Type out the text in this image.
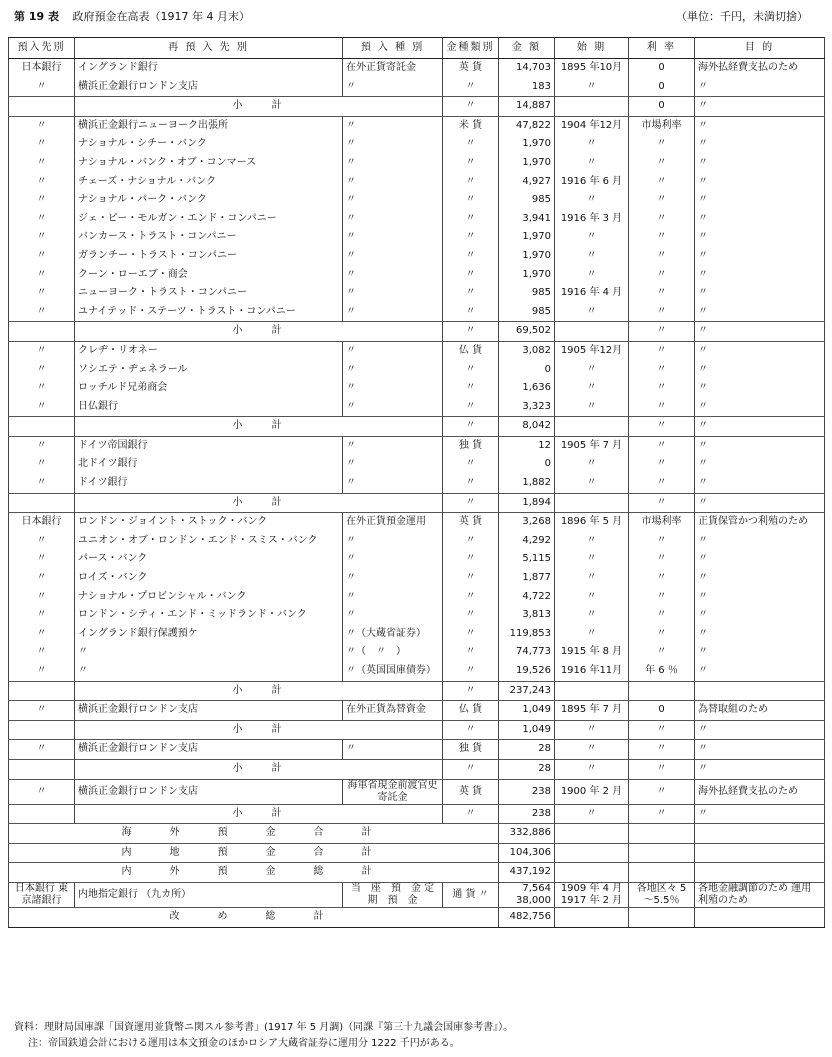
第 19 表 政府預金在高表（1917 年 4 月末）	（単位：千円，未満切捨）
預入先別	再 預 入 先 別	預 入 種 別	金種類別	金 額	始 期	利 率	目 的
日本銀行	イングランド銀行	在外正貨寄託金	英 貨	14,703	1895 年10月	0	海外払経費支払のため
〃	横浜正金銀行ロンドン支店	〃	〃	183	〃	0	〃
	小　　計		〃	14,887		0	〃
〃	横浜正金銀行ニューヨーク出張所	〃	米 貨	47,822	1904 年12月	市場利率	〃
〃	ナショナル・シチー・バンク	〃	〃	1,970	〃	〃	〃
〃	ナショナル・バンク・オブ・コンマース	〃	〃	1,970	〃	〃	〃
〃	チェーズ・ナショナル・バンク	〃	〃	4,927	1916 年 6 月	〃	〃
〃	ナショナル・パーク・バンク	〃	〃	985	〃	〃	〃
〃	ジェ・ピー・モルガン・エンド・コンパニー	〃	〃	3,941	1916 年 3 月	〃	〃
〃	バンカース・トラスト・コンパニー	〃	〃	1,970	〃	〃	〃
〃	ガランチー・トラスト・コンパニー	〃	〃	1,970	〃	〃	〃
〃	クーン・ローエブ・商会	〃	〃	1,970	〃	〃	〃
〃	ニューヨーク・トラスト・コンパニー	〃	〃	985	1916 年 4 月	〃	〃
〃	ユナイテッド・ステーツ・トラスト・コンパニー	〃	〃	985	〃	〃	〃
	小　　計		〃	69,502		〃	〃
〃	クレヂ・リオネー	〃	仏 貨	3,082	1905 年12月	〃	〃
〃	ソシエテ・ヂェネラール	〃	〃	0	〃	〃	〃
〃	ロッチルド兄弟商会	〃	〃	1,636	〃	〃	〃
〃	日仏銀行	〃	〃	3,323	〃	〃	〃
	小　　計		〃	8,042		〃	〃
〃	ドイツ帝国銀行	〃	独 貨	12	1905 年 7 月	〃	〃
〃	北ドイツ銀行	〃	〃	0	〃	〃	〃
〃	ドイツ銀行	〃	〃	1,882	〃	〃	〃
	小　　計		〃	1,894		〃	〃
日本銀行	ロンドン・ジョイント・ストック・バンク	在外正貨預金運用	英 貨	3,268	1896 年 5 月	市場利率	正貨保管かつ利殖のため
〃	ユニオン・オブ・ロンドン・エンド・スミス・バンク	〃	〃	4,292	〃	〃	〃
〃	パース・バンク	〃	〃	5,115	〃	〃	〃
〃	ロイズ・バンク	〃	〃	1,877	〃	〃	〃
〃	ナショナル・プロビンシャル・バンク	〃	〃	4,722	〃	〃	〃
〃	ロンドン・シティ・エンド・ミッドランド・バンク	〃	〃	3,813	〃	〃	〃
〃	イングランド銀行保護預ケ	〃（大蔵省証券）	〃	119,853	〃	〃	〃
〃	〃	〃（　〃　）	〃	74,773	1915 年 8 月	〃	〃
〃	〃	〃（英国国庫債券）	〃	19,526	1916 年11月	年 6 ％	〃
	小　　計		〃	237,243			
〃	横浜正金銀行ロンドン支店	在外正貨為替資金	仏 貨	1,049	1895 年 7 月	0	為替取組のため
	小　　計		〃	1,049	〃	〃	〃
〃	横浜正金銀行ロンドン支店	〃	独 貨	28	〃	〃	〃
	小　　計		〃	28	〃	〃	〃
〃	横浜正金銀行ロンドン支店	海軍省現金前渡官史寄託金	英 貨	238	1900 年 2 月	〃	海外払経費支払のため
	小　　計		〃	238	〃	〃	〃
海　外　預　金　合　計				332,886			
内　地　預　金　合　計				104,306			
内　外　預　金　総　計				437,192			
日本銀行 東京諸銀行	内地指定銀行 （九カ所）	当　座　預　金 定　期　預　金	通 貨 〃	7,564 38,000	1909 年 4 月 1917 年 2 月	各地区々 5～5.5％	各地金融調節のため 運用利殖のため
改　め　総　計				482,756			
資料：理財局国庫課「国資運用並貨幣ニ関スル参考書」(1917 年 5 月調)（同課『第三十九議会国庫参考書』）。
注：帝国鉄道会計における運用は本文預金のほかロシア大蔵省証券に運用分 1222 千円がある。
